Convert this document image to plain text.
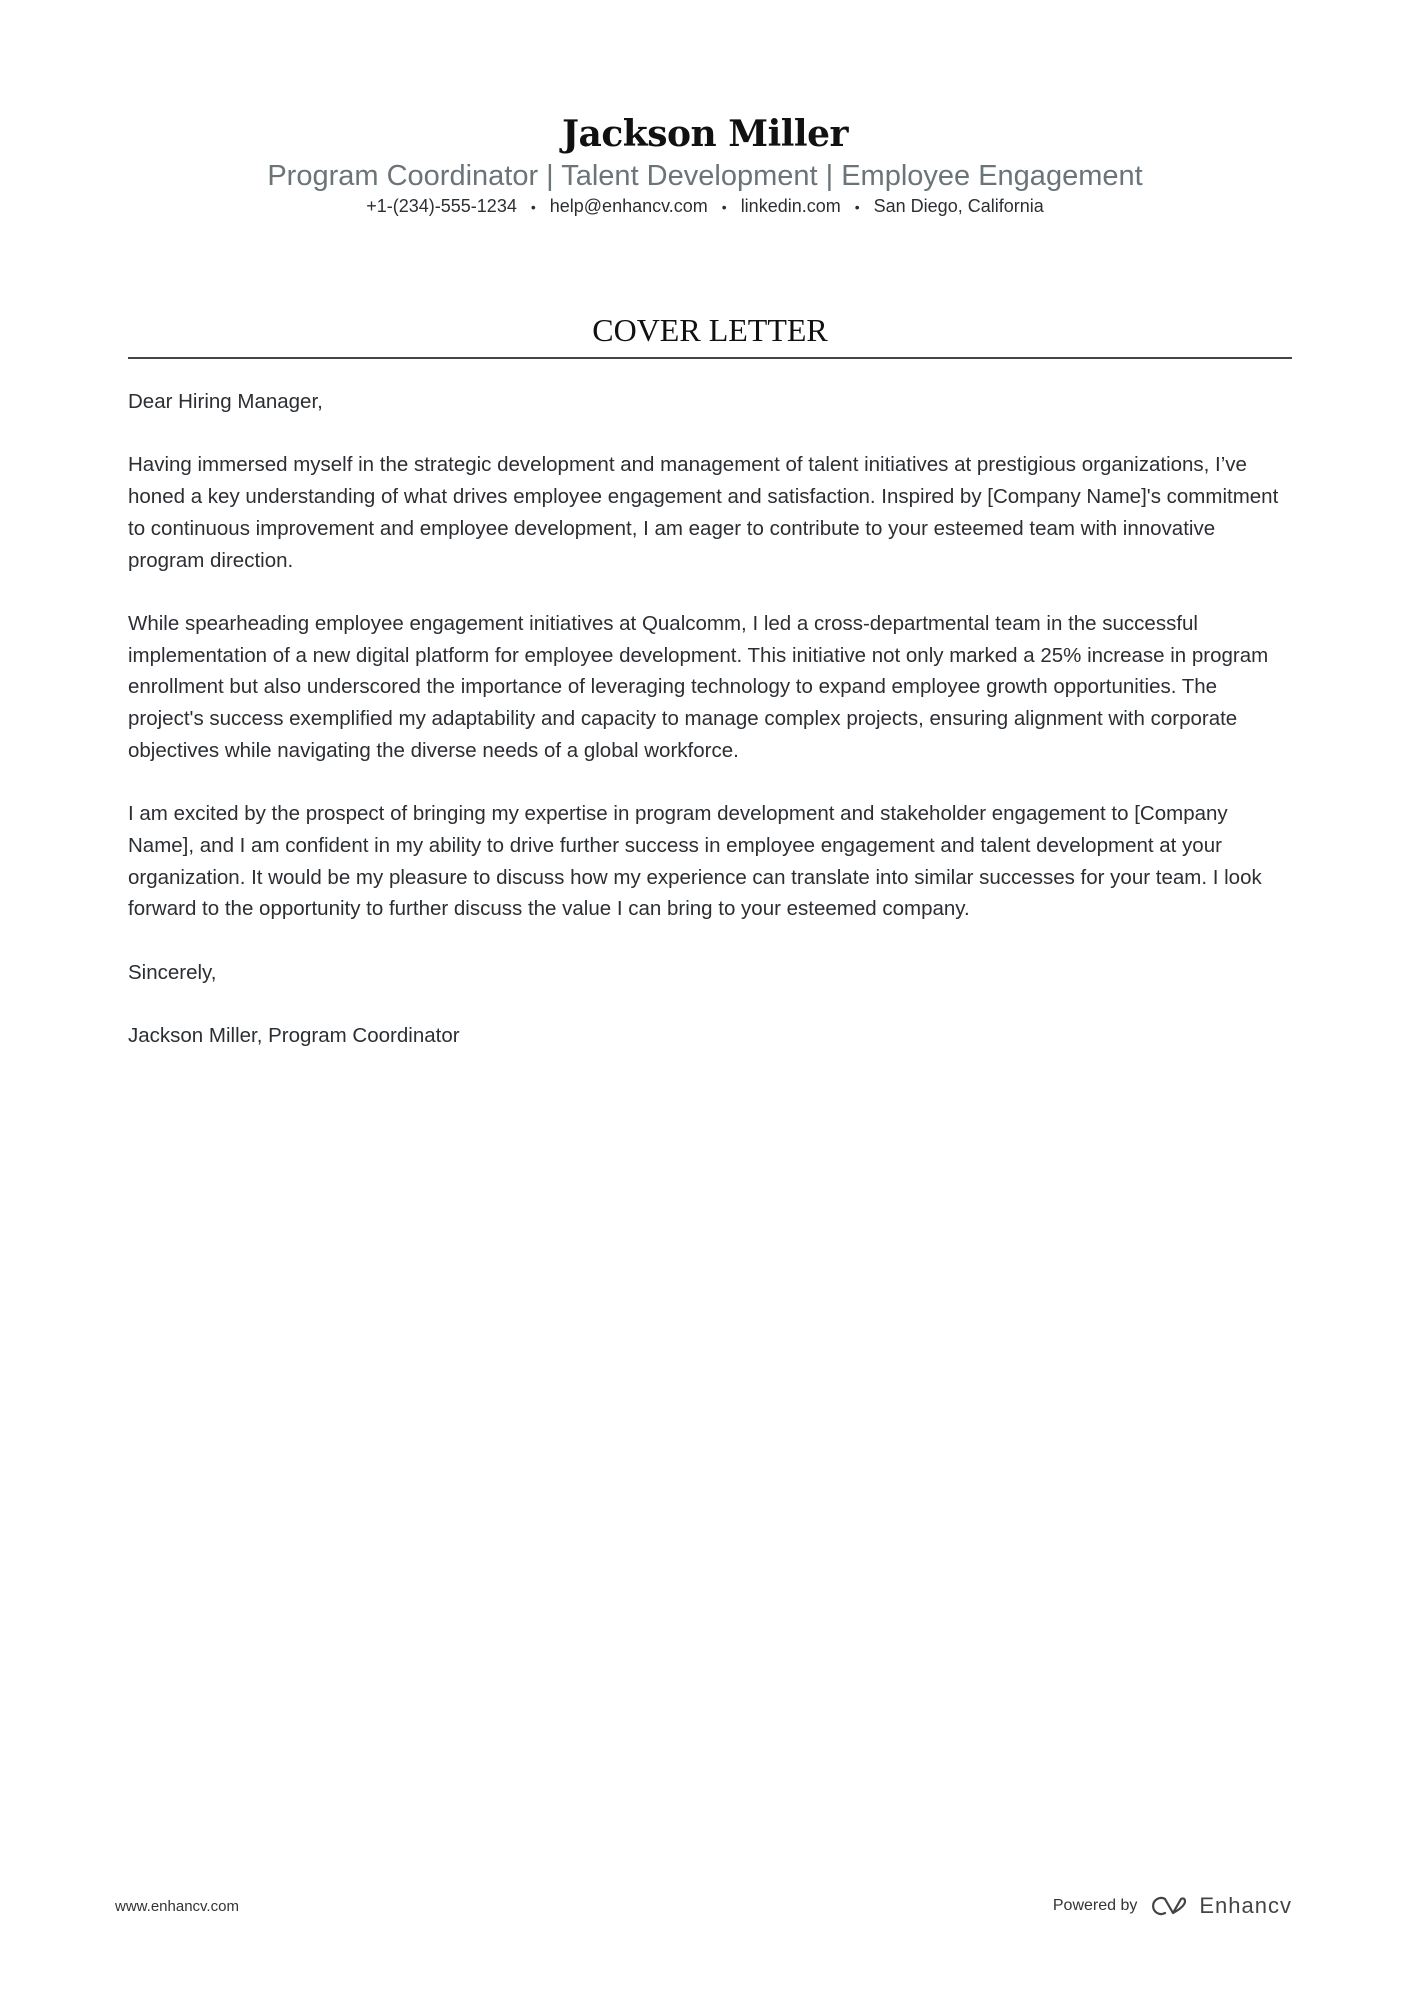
Jackson Miller
Program Coordinator | Talent Development | Employee Engagement
+1-(234)-555-1234 • help@enhancv.com • linkedin.com • San Diego, California
COVER LETTER

Dear Hiring Manager,

Having immersed myself in the strategic development and management of talent initiatives at prestigious organizations, I’ve honed a key understanding of what drives employee engagement and satisfaction. Inspired by [Company Name]'s commitment to continuous improvement and employee development, I am eager to contribute to your esteemed team with innovative program direction.

While spearheading employee engagement initiatives at Qualcomm, I led a cross-departmental team in the successful implementation of a new digital platform for employee development. This initiative not only marked a 25% increase in program enrollment but also underscored the importance of leveraging technology to expand employee growth opportunities. The project's success exemplified my adaptability and capacity to manage complex projects, ensuring alignment with corporate objectives while navigating the diverse needs of a global workforce.

I am excited by the prospect of bringing my expertise in program development and stakeholder engagement to [Company Name], and I am confident in my ability to drive further success in employee engagement and talent development at your organization. It would be my pleasure to discuss how my experience can translate into similar successes for your team. I look forward to the opportunity to further discuss the value I can bring to your esteemed company.

Sincerely,

Jackson Miller, Program Coordinator

www.enhancv.com	Powered by	Enhancv
